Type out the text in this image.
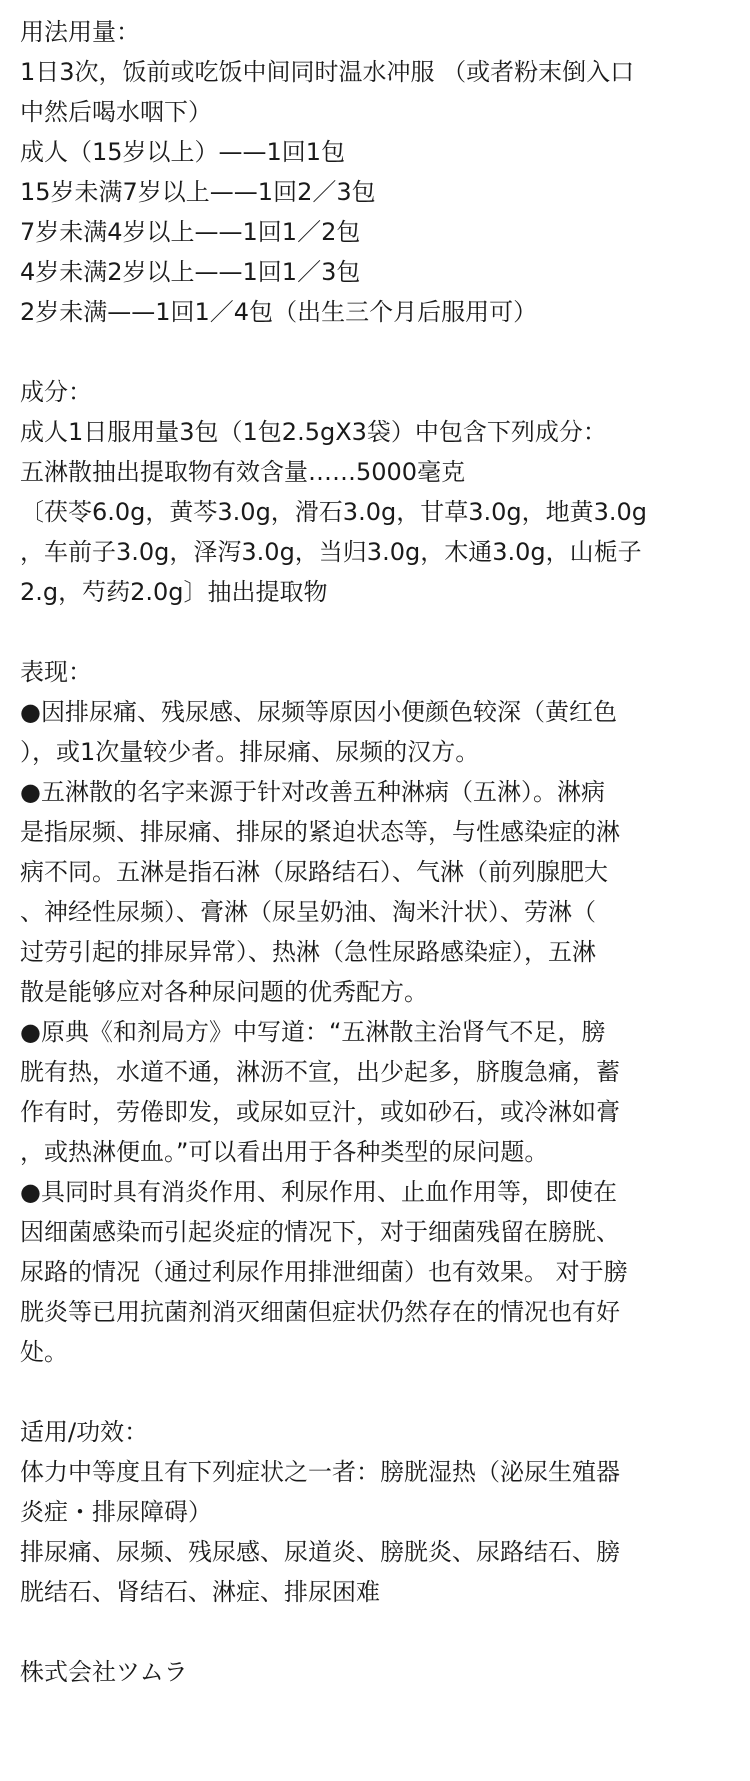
用法用量：
1日3次，饭前或吃饭中间同时温水冲服 （或者粉末倒入口
中然后喝水咽下）
成人（15岁以上）——1回1包
15岁未满7岁以上——1回2／3包
7岁未满4岁以上——1回1／2包
4岁未满2岁以上——1回1／3包
2岁未满——1回1／4包（出生三个月后服用可）
成分：
成人1日服用量3包（1包2.5gX3袋）中包含下列成分：
五淋散抽出提取物有效含量……5000毫克
〔茯苓6.0g，黄芩3.0g，滑石3.0g，甘草3.0g，地黄3.0g
，车前子3.0g，泽泻3.0g，当归3.0g，木通3.0g，山栀子
2.g，芍药2.0g〕抽出提取物
表现：
●因排尿痛、残尿感、尿频等原因小便颜色较深（黄红色
），或1次量较少者。排尿痛、尿频的汉方。
●五淋散的名字来源于针对改善五种淋病（五淋）。淋病
是指尿频、排尿痛、排尿的紧迫状态等，与性感染症的淋
病不同。五淋是指石淋（尿路结石）、气淋（前列腺肥大
、神经性尿频）、膏淋（尿呈奶油、淘米汁状）、劳淋（
过劳引起的排尿异常）、热淋（急性尿路感染症），五淋
散是能够应对各种尿问题的优秀配方。
●原典《和剂局方》中写道：“五淋散主治肾气不足，膀
胱有热，水道不通，淋沥不宣，出少起多，脐腹急痛，蓄
作有时，劳倦即发，或尿如豆汁，或如砂石，或冷淋如膏
，或热淋便血。”可以看出用于各种类型的尿问题。
●具同时具有消炎作用、利尿作用、止血作用等，即使在
因细菌感染而引起炎症的情况下，对于细菌残留在膀胱、
尿路的情况（通过利尿作用排泄细菌）也有效果。 对于膀
胱炎等已用抗菌剂消灭细菌但症状仍然存在的情况也有好
处。
适用/功效：
体力中等度且有下列症状之一者：膀胱湿热（泌尿生殖器
炎症・排尿障碍）
排尿痛、尿频、残尿感、尿道炎、膀胱炎、尿路结石、膀
胱结石、肾结石、淋症、排尿困难
株式会社ツムラ
